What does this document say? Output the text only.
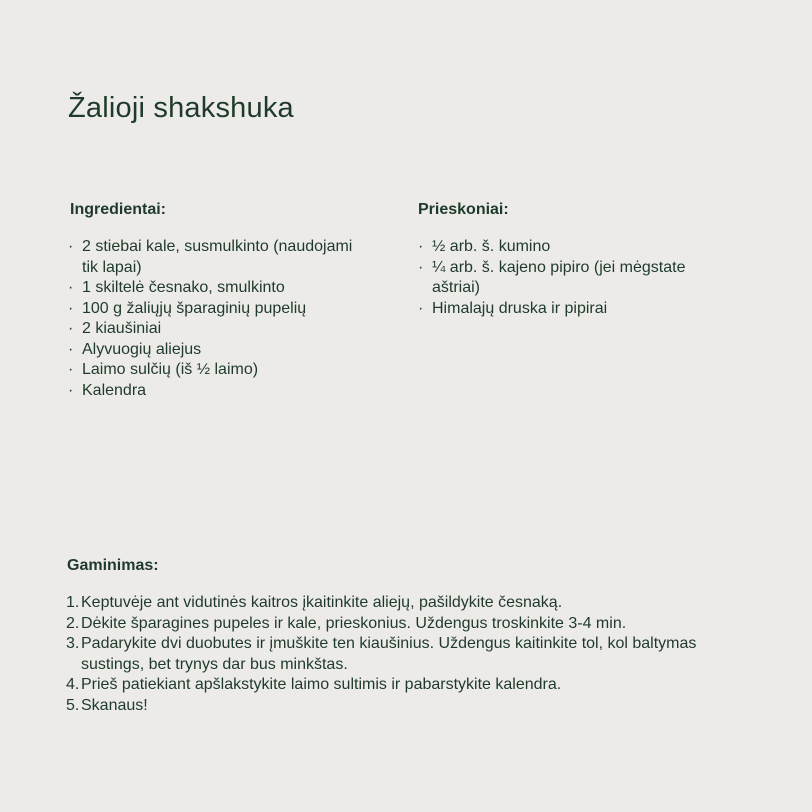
Žalioji shakshuka
Ingredientai:
· 2 stiebai kale, susmulkinto (naudojami tik lapai)
· 1 skiltelė česnako, smulkinto
· 100 g žaliųjų šparaginių pupelių
· 2 kiaušiniai
· Alyvuogių aliejus
· Laimo sulčių (iš ½ laimo)
· Kalendra
Prieskoniai:
· ½ arb. š. kumino
· ¼ arb. š. kajeno pipiro (jei mėgstate aštriai)
· Himalajų druska ir pipirai
Gaminimas:
1. Keptuvėje ant vidutinės kaitros įkaitinkite aliejų, pašildykite česnaką.
2. Dėkite šparagines pupeles ir kale, prieskonius. Uždengus troskinkite 3-4 min.
3. Padarykite dvi duobutes ir įmuškite ten kiaušinius. Uždengus kaitinkite tol, kol baltymas sustings, bet trynys dar bus minkštas.
4. Prieš patiekiant apšlakstykite laimo sultimis ir pabarstykite kalendra.
5. Skanaus!
